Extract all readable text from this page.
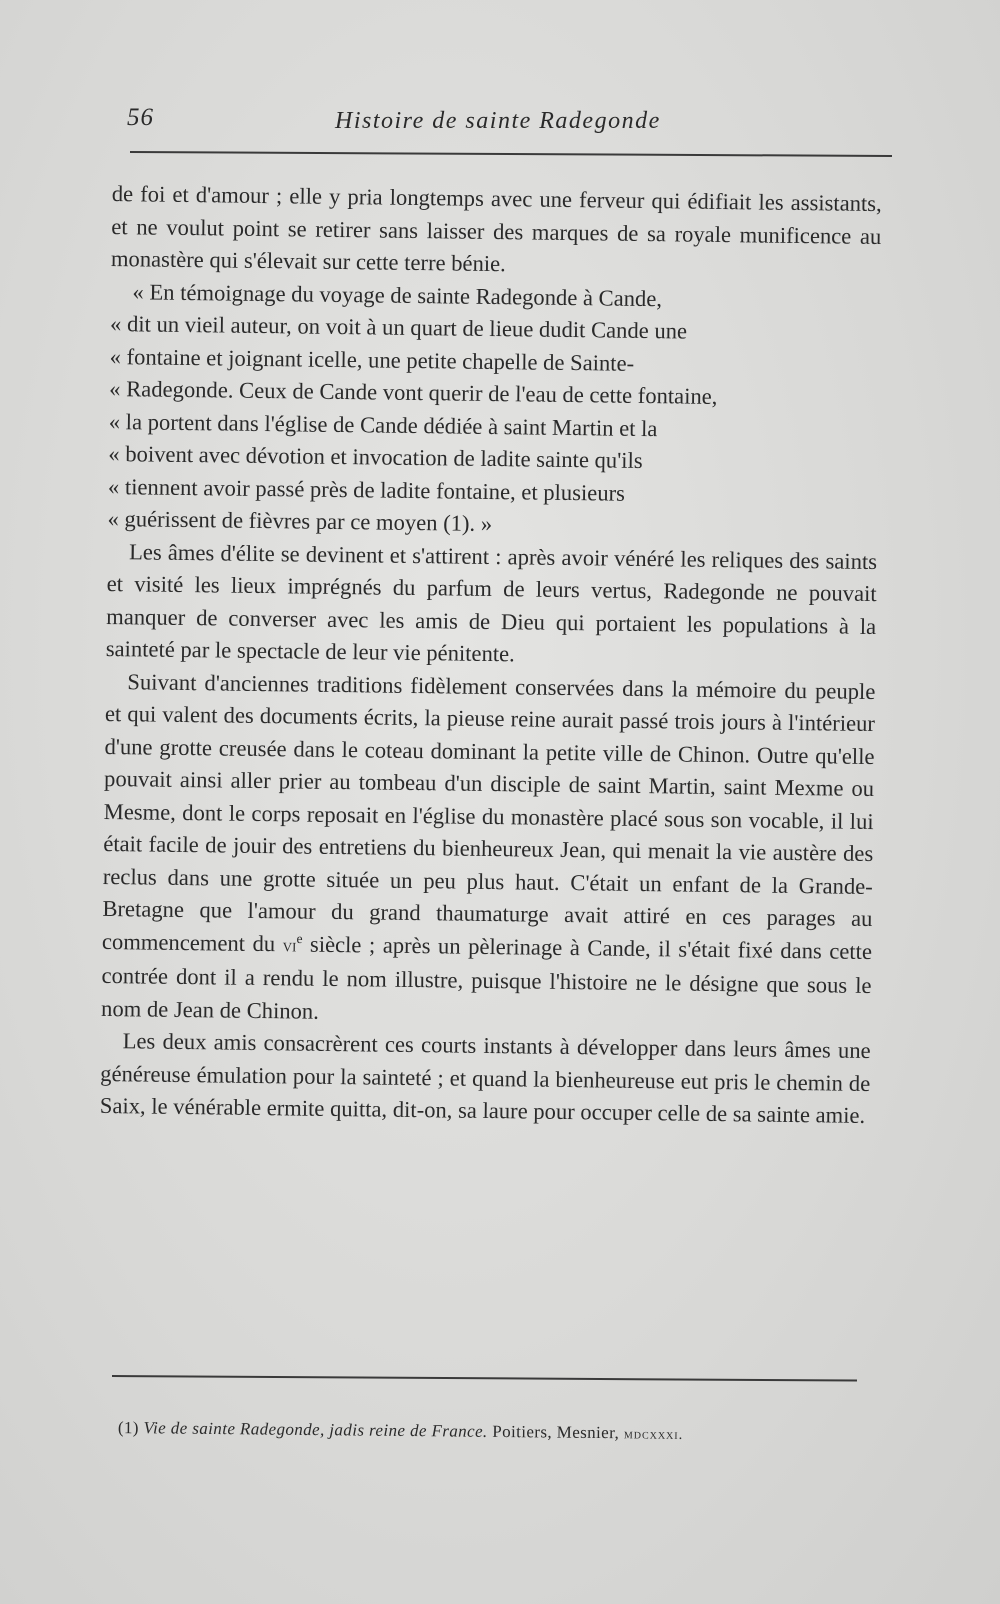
56	Histoire de sainte Radegonde

de foi et d'amour ; elle y pria longtemps avec une ferveur qui édifiait les assistants, et ne voulut point se retirer sans laisser des marques de sa royale munificence au monastère qui s'élevait sur cette terre bénie.

« En témoignage du voyage de sainte Radegonde à Cande,
« dit un vieil auteur, on voit à un quart de lieue dudit Cande une
« fontaine et joignant icelle, une petite chapelle de Sainte-
« Radegonde. Ceux de Cande vont querir de l'eau de cette fontaine,
« la portent dans l'église de Cande dédiée à saint Martin et la
« boivent avec dévotion et invocation de ladite sainte qu'ils
« tiennent avoir passé près de ladite fontaine, et plusieurs
« guérissent de fièvres par ce moyen (1). »

Les âmes d'élite se devinent et s'attirent : après avoir vénéré les reliques des saints et visité les lieux imprégnés du parfum de leurs vertus, Radegonde ne pouvait manquer de converser avec les amis de Dieu qui portaient les populations à la sainteté par le spectacle de leur vie pénitente.

Suivant d'anciennes traditions fidèlement conservées dans la mémoire du peuple et qui valent des documents écrits, la pieuse reine aurait passé trois jours à l'intérieur d'une grotte creusée dans le coteau dominant la petite ville de Chinon. Outre qu'elle pouvait ainsi aller prier au tombeau d'un disciple de saint Martin, saint Mexme ou Mesme, dont le corps reposait en l'église du monastère placé sous son vocable, il lui était facile de jouir des entretiens du bienheureux Jean, qui menait la vie austère des reclus dans une grotte située un peu plus haut. C'était un enfant de la Grande-Bretagne que l'amour du grand thaumaturge avait attiré en ces parages au commencement du $vi^e$ siècle ; après un pèlerinage à Cande, il s'était fixé dans cette contrée dont il a rendu le nom illustre, puisque l'histoire ne le désigne que sous le nom de Jean de Chinon.

Les deux amis consacrèrent ces courts instants à développer dans leurs âmes une généreuse émulation pour la sainteté ; et quand la bienheureuse eut pris le chemin de Saix, le vénérable ermite quitta, dit-on, sa laure pour occuper celle de sa sainte amie.

(1) Vie de sainte Radegonde, jadis reine de France. Poitiers, Mesnier, mdcxxxi.
